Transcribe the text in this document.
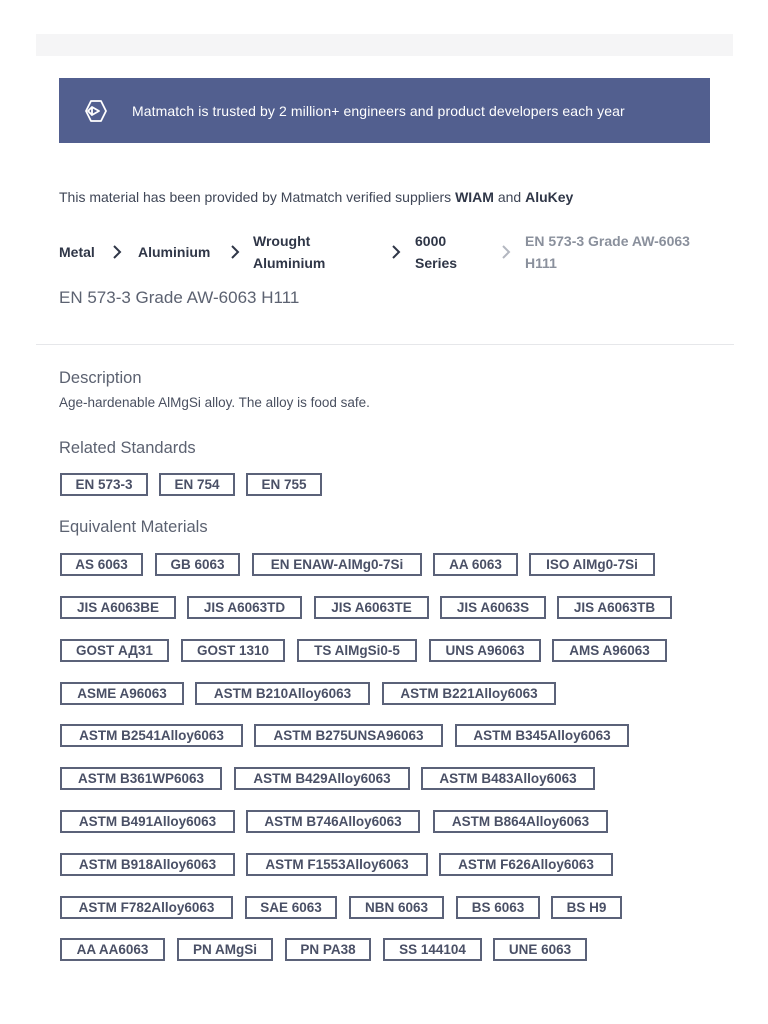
Matmatch is trusted by 2 million+ engineers and product developers each year
This material has been provided by Matmatch verified suppliers WIAM and AluKey
Metal	Aluminium
Wrought Aluminium
6000 Series
EN 573-3 Grade AW-6063 H111
EN 573-3 Grade AW-6063 H111
Description
Age-hardenable AlMgSi alloy. The alloy is food safe.
Related Standards
EN 573-3	EN 754	EN 755
Equivalent Materials
AS 6063	GB 6063	EN ENAW-AlMg0-7Si	AA 6063	ISO AlMg0-7Si
JIS A6063BE	JIS A6063TD	JIS A6063TE	JIS A6063S	JIS A6063TB
GOST АД31	GOST 1310	TS AlMgSi0-5	UNS A96063	AMS A96063
ASME A96063	ASTM B210Alloy6063	ASTM B221Alloy6063
ASTM B2541Alloy6063	ASTM B275UNSA96063	ASTM B345Alloy6063
ASTM B361WP6063	ASTM B429Alloy6063	ASTM B483Alloy6063
ASTM B491Alloy6063	ASTM B746Alloy6063	ASTM B864Alloy6063
ASTM B918Alloy6063	ASTM F1553Alloy6063	ASTM F626Alloy6063
ASTM F782Alloy6063	SAE 6063	NBN 6063	BS 6063	BS H9
AA AA6063	PN AMgSi	PN PA38	SS 144104	UNE 6063
